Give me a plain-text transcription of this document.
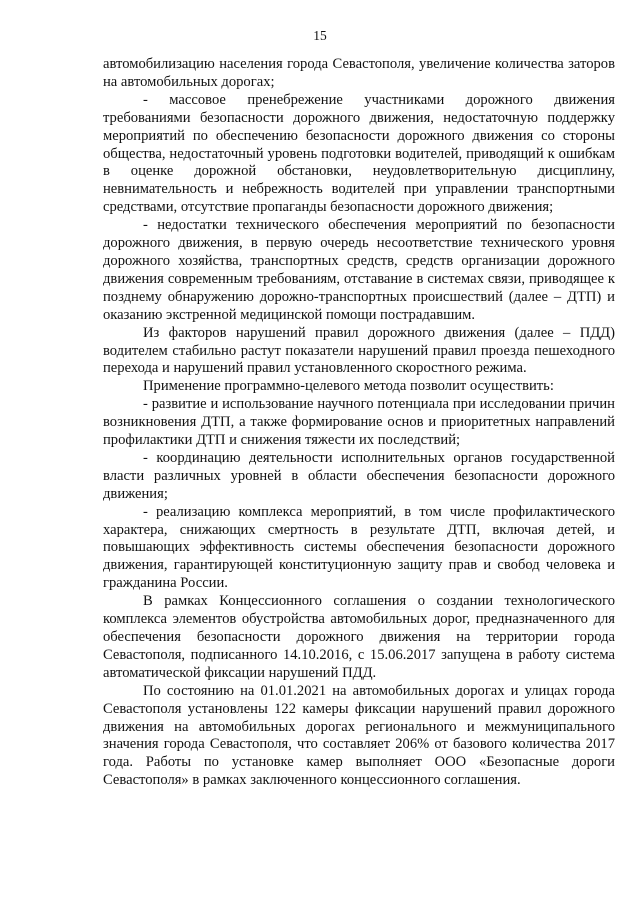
15

автомобилизацию населения города Севастополя, увеличение количества заторов на автомобильных дорогах;

- массовое пренебрежение участниками дорожного движения требованиями безопасности дорожного движения, недостаточную поддержку мероприятий по обеспечению безопасности дорожного движения со стороны общества, недостаточный уровень подготовки водителей, приводящий к ошибкам в оценке дорожной обстановки, неудовлетворительную дисциплину, невнимательность и небрежность водителей при управлении транспортными средствами, отсутствие пропаганды безопасности дорожного движения;

- недостатки технического обеспечения мероприятий по безопасности дорожного движения, в первую очередь несоответствие технического уровня дорожного хозяйства, транспортных средств, средств организации дорожного движения современным требованиям, отставание в системах связи, приводящее к позднему обнаружению дорожно-транспортных происшествий (далее – ДТП) и оказанию экстренной медицинской помощи пострадавшим.

Из факторов нарушений правил дорожного движения (далее – ПДД) водителем стабильно растут показатели нарушений правил проезда пешеходного перехода и нарушений правил установленного скоростного режима.

Применение программно-целевого метода позволит осуществить:

- развитие и использование научного потенциала при исследовании причин возникновения ДТП, а также формирование основ и приоритетных направлений профилактики ДТП и снижения тяжести их последствий;

- координацию деятельности исполнительных органов государственной власти различных уровней в области обеспечения безопасности дорожного движения;

- реализацию комплекса мероприятий, в том числе профилактического характера, снижающих смертность в результате ДТП, включая детей, и повышающих эффективность системы обеспечения безопасности дорожного движения, гарантирующей конституционную защиту прав и свобод человека и гражданина России.

В рамках Концессионного соглашения о создании технологического комплекса элементов обустройства автомобильных дорог, предназначенного для обеспечения безопасности дорожного движения на территории города Севастополя, подписанного 14.10.2016, с 15.06.2017 запущена в работу система автоматической фиксации нарушений ПДД.

По состоянию на 01.01.2021 на автомобильных дорогах и улицах города Севастополя установлены 122 камеры фиксации нарушений правил дорожного движения на автомобильных дорогах регионального и межмуниципального значения города Севастополя, что составляет 206% от базового количества 2017 года. Работы по установке камер выполняет ООО «Безопасные дороги Севастополя» в рамках заключенного концессионного соглашения.
